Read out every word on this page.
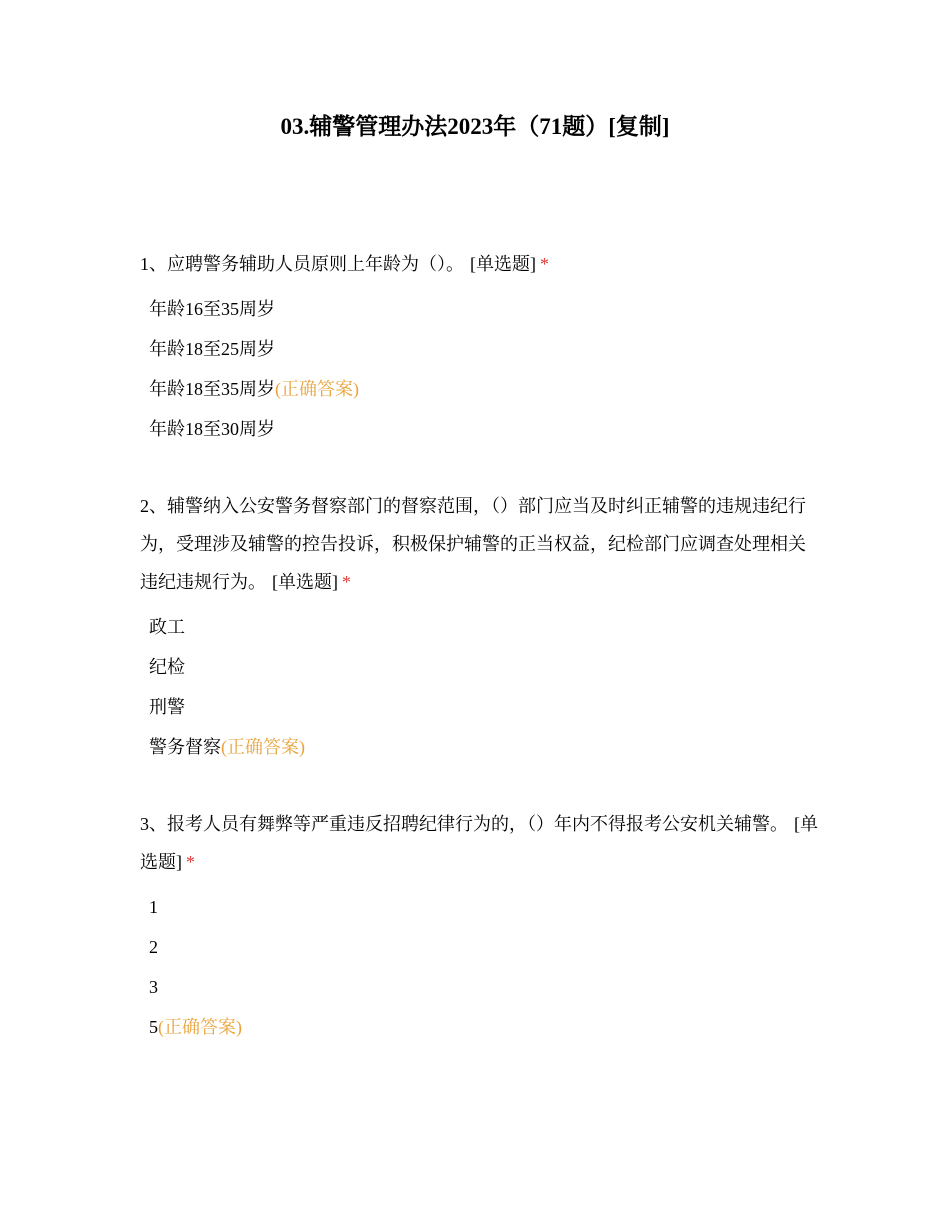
03.辅警管理办法2023年（71题）[复制]

1、应聘警务辅助人员原则上年龄为（）。 [单选题] *

年龄16至35周岁
年龄18至25周岁
年龄18至35周岁(正确答案)
年龄18至30周岁

2、辅警纳入公安警务督察部门的督察范围，（）部门应当及时纠正辅警的违规违纪行为，受理涉及辅警的控告投诉，积极保护辅警的正当权益，纪检部门应调查处理相关违纪违规行为。 [单选题] *

政工
纪检
刑警
警务督察(正确答案)

3、报考人员有舞弊等严重违反招聘纪律行为的，（）年内不得报考公安机关辅警。 [单选题] *

1
2
3
5(正确答案)
